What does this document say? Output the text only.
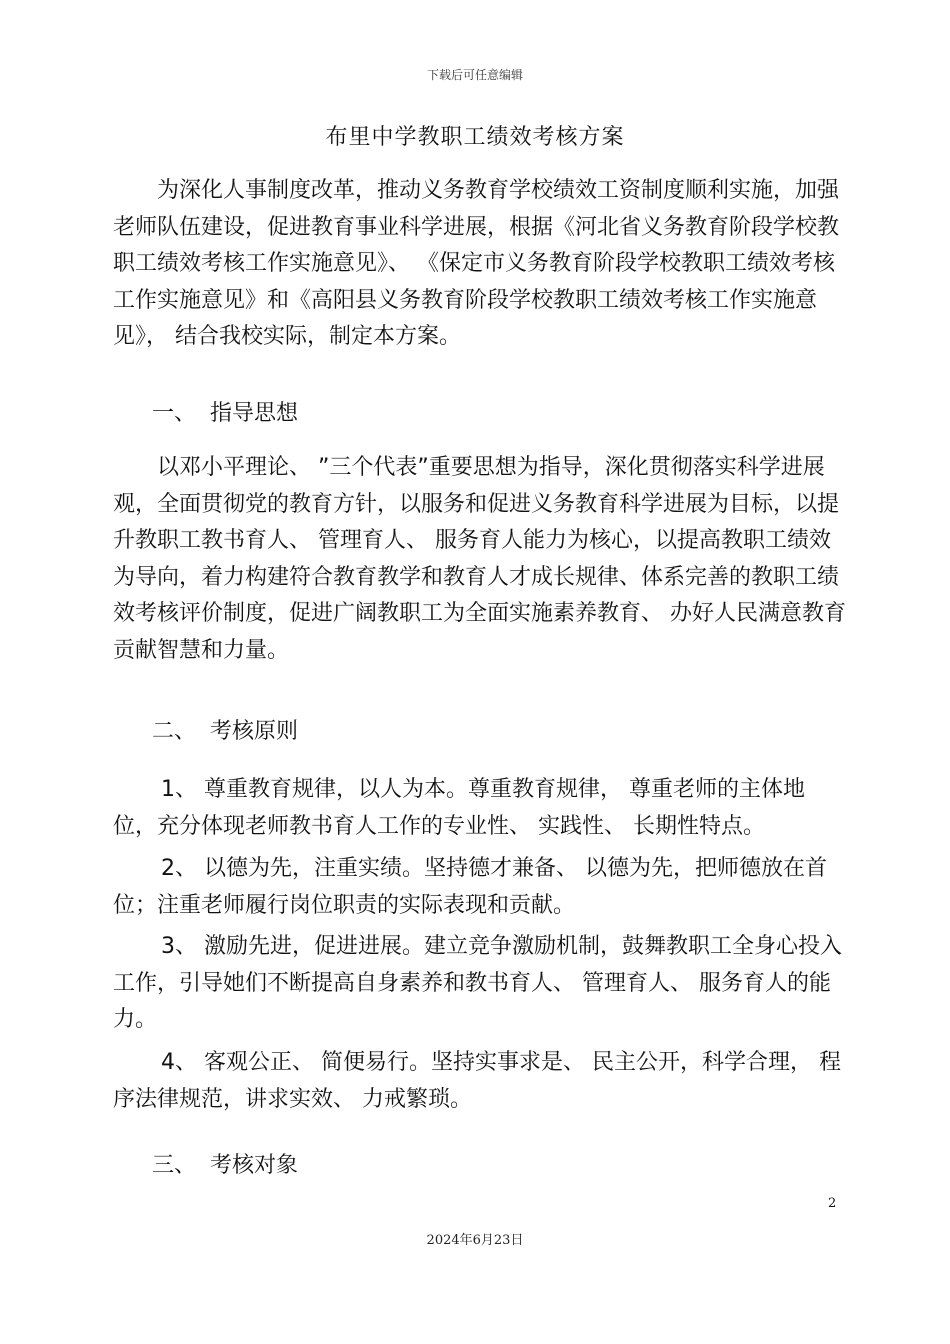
下载后可任意编辑
布里中学教职工绩效考核方案

为深化人事制度改革，推动义务教育学校绩效工资制度顺利实施，加强老师队伍建设，促进教育事业科学进展，根据《河北省义务教育阶段学校教职工绩效考核工作实施意见》、 《保定市义务教育阶段学校教职工绩效考核工作实施意见》和《高阳县义务教育阶段学校教职工绩效考核工作实施意见》， 结合我校实际，制定本方案。

一、 指导思想

以邓小平理论、 ”三个代表”重要思想为指导，深化贯彻落实科学进展观，全面贯彻党的教育方针，以服务和促进义务教育科学进展为目标，以提升教职工教书育人、 管理育人、 服务育人能力为核心，以提高教职工绩效为导向，着力构建符合教育教学和教育人才成长规律、体系完善的教职工绩效考核评价制度，促进广阔教职工为全面实施素养教育、 办好人民满意教育贡献智慧和力量。

二、 考核原则

1、 尊重教育规律，以人为本。尊重教育规律， 尊重老师的主体地位，充分体现老师教书育人工作的专业性、 实践性、 长期性特点。

2、 以德为先，注重实绩。坚持德才兼备、 以德为先，把师德放在首位；注重老师履行岗位职责的实际表现和贡献。

3、 激励先进，促进进展。建立竞争激励机制，鼓舞教职工全身心投入工作，引导她们不断提高自身素养和教书育人、 管理育人、 服务育人的能力。

4、 客观公正、 简便易行。坚持实事求是、 民主公开，科学合理， 程序法律规范，讲求实效、 力戒繁琐。

三、 考核对象
2
2024年6月23日
